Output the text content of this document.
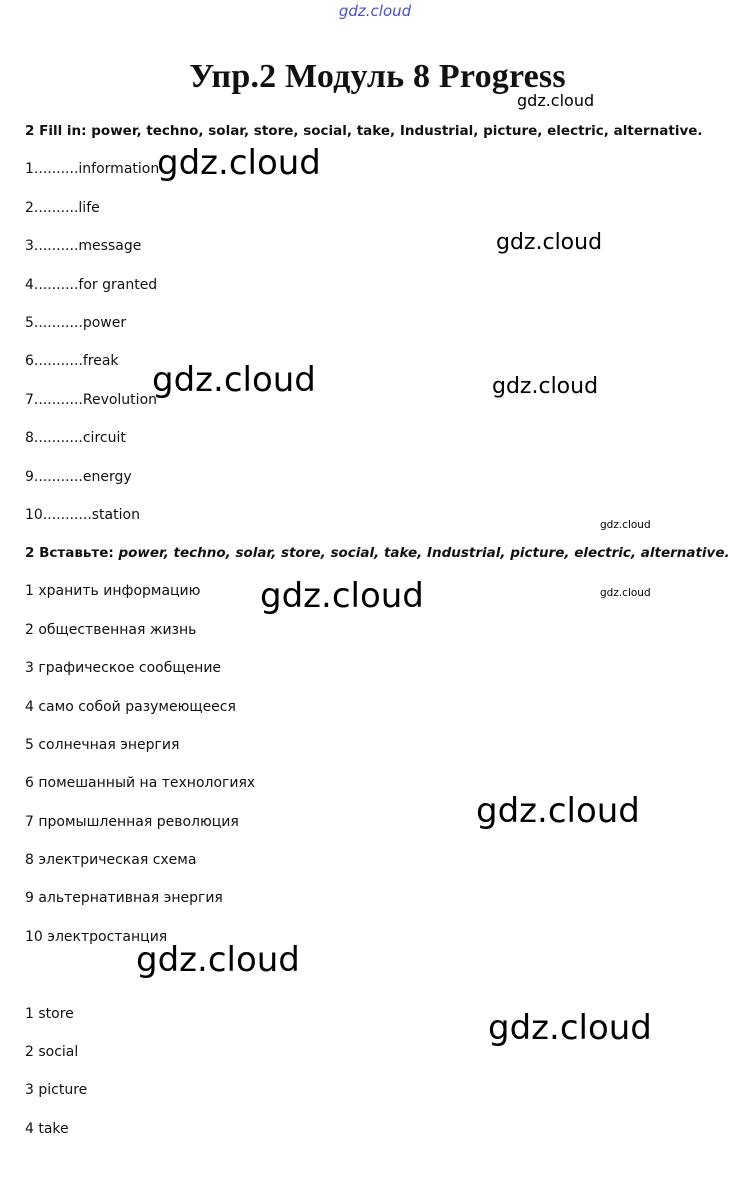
gdz.cloud
Упр.2 Модуль 8 Progress
2 Fill in: power, techno, solar, store, social, take, Industrial, picture, electric, alternative.
1..........information
2..........life
3..........message
4..........for granted
5...........power
6...........freak
7...........Revolution
8...........circuit
9...........energy
10...........station
2 Вставьте: power, techno, solar, store, social, take, Industrial, picture, electric, alternative.
1 хранить информацию
2 общественная жизнь
3 графическое сообщение
4 само собой разумеющееся
5 солнечная энергия
6 помешанный на технологиях
7 промышленная революция
8 электрическая схема
9 альтернативная энергия
10 электростанция
1 store
2 social
3 picture
4 take
gdz.cloud
gdz.cloud
gdz.cloud
gdz.cloud	gdz.cloud
gdz.cloud
gdz.cloud	gdz.cloud
gdz.cloud
gdz.cloud
gdz.cloud
